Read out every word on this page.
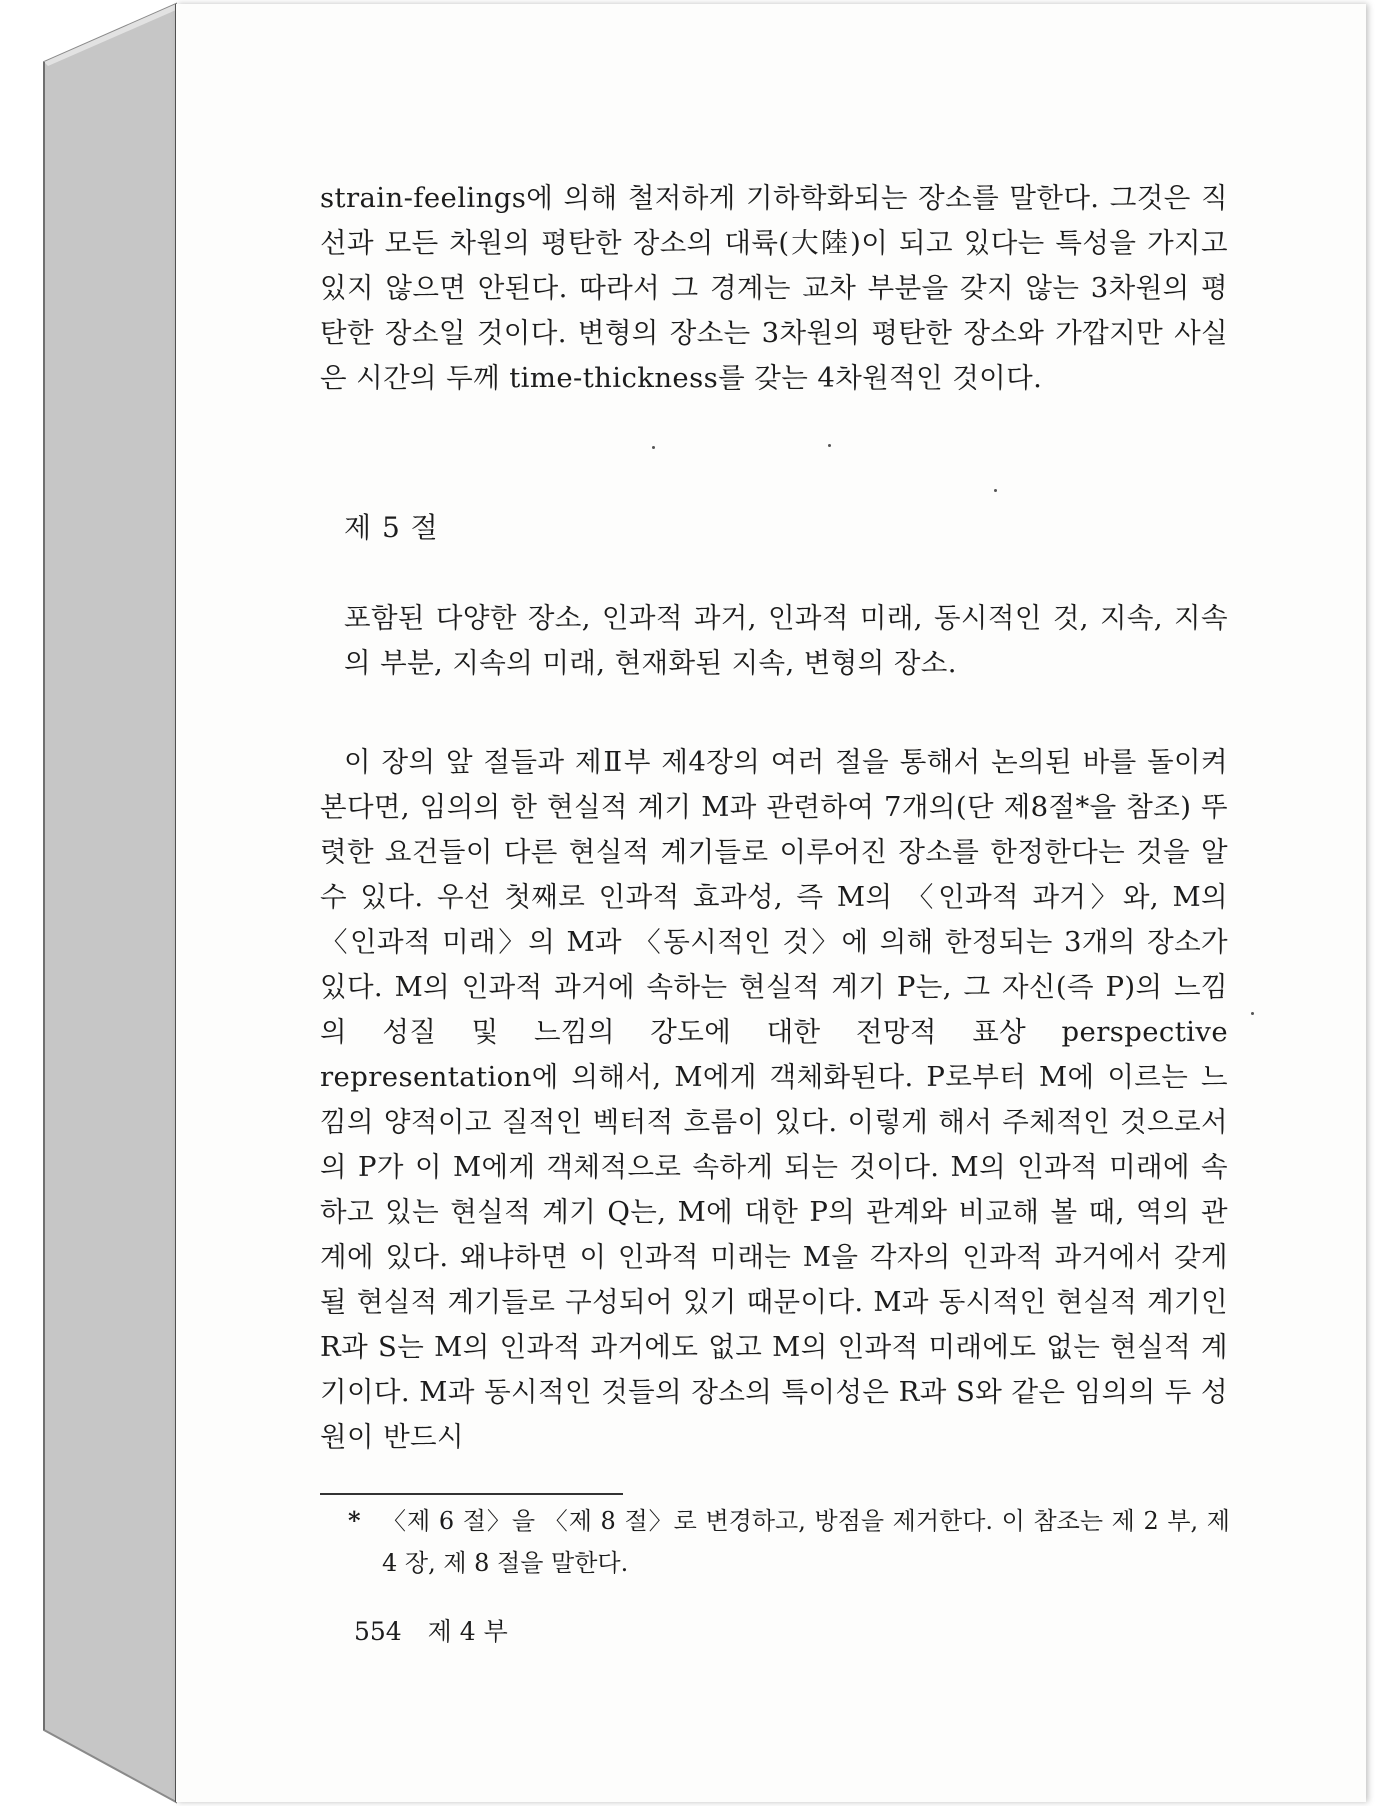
strain-feelings에 의해 철저하게 기하학화되는 장소를 말한다. 그것은 직선과 모든 차원의 평탄한 장소의 대륙(大陸)이 되고 있다는 특성을 가지고 있지 않으면 안된다. 따라서 그 경계는 교차 부분을 갖지 않는 3차원의 평탄한 장소일 것이다. 변형의 장소는 3차원의 평탄한 장소와 가깝지만 사실은 시간의 두께 time-thickness를 갖는 4차원적인 것이다.

제 5 절

포함된 다양한 장소, 인과적 과거, 인과적 미래, 동시적인 것, 지속, 지속의 부분, 지속의 미래, 현재화된 지속, 변형의 장소.

이 장의 앞 절들과 제Ⅱ부 제4장의 여러 절을 통해서 논의된 바를 돌이켜본다면, 임의의 한 현실적 계기 M과 관련하여 7개의(단 제8절*을 참조) 뚜렷한 요건들이 다른 현실적 계기들로 이루어진 장소를 한정한다는 것을 알 수 있다. 우선 첫째로 인과적 효과성, 즉 M의 〈인과적 과거〉와, M의 〈인과적 미래〉의 M과 〈동시적인 것〉에 의해 한정되는 3개의 장소가 있다. M의 인과적 과거에 속하는 현실적 계기 P는, 그 자신(즉 P)의 느낌의 성질 및 느낌의 강도에 대한 전망적 표상 perspective representation에 의해서, M에게 객체화된다. P로부터 M에 이르는 느낌의 양적이고 질적인 벡터적 흐름이 있다. 이렇게 해서 주체적인 것으로서의 P가 이 M에게 객체적으로 속하게 되는 것이다. M의 인과적 미래에 속하고 있는 현실적 계기 Q는, M에 대한 P의 관계와 비교해 볼 때, 역의 관계에 있다. 왜냐하면 이 인과적 미래는 M을 각자의 인과적 과거에서 갖게 될 현실적 계기들로 구성되어 있기 때문이다. M과 동시적인 현실적 계기인 R과 S는 M의 인과적 과거에도 없고 M의 인과적 미래에도 없는 현실적 계기이다. M과 동시적인 것들의 장소의 특이성은 R과 S와 같은 임의의 두 성원이 반드시

* 〈제 6 절〉을 〈제 8 절〉로 변경하고, 방점을 제거한다. 이 참조는 제 2 부, 제 4 장, 제 8 절을 말한다.
554 제 4 부
